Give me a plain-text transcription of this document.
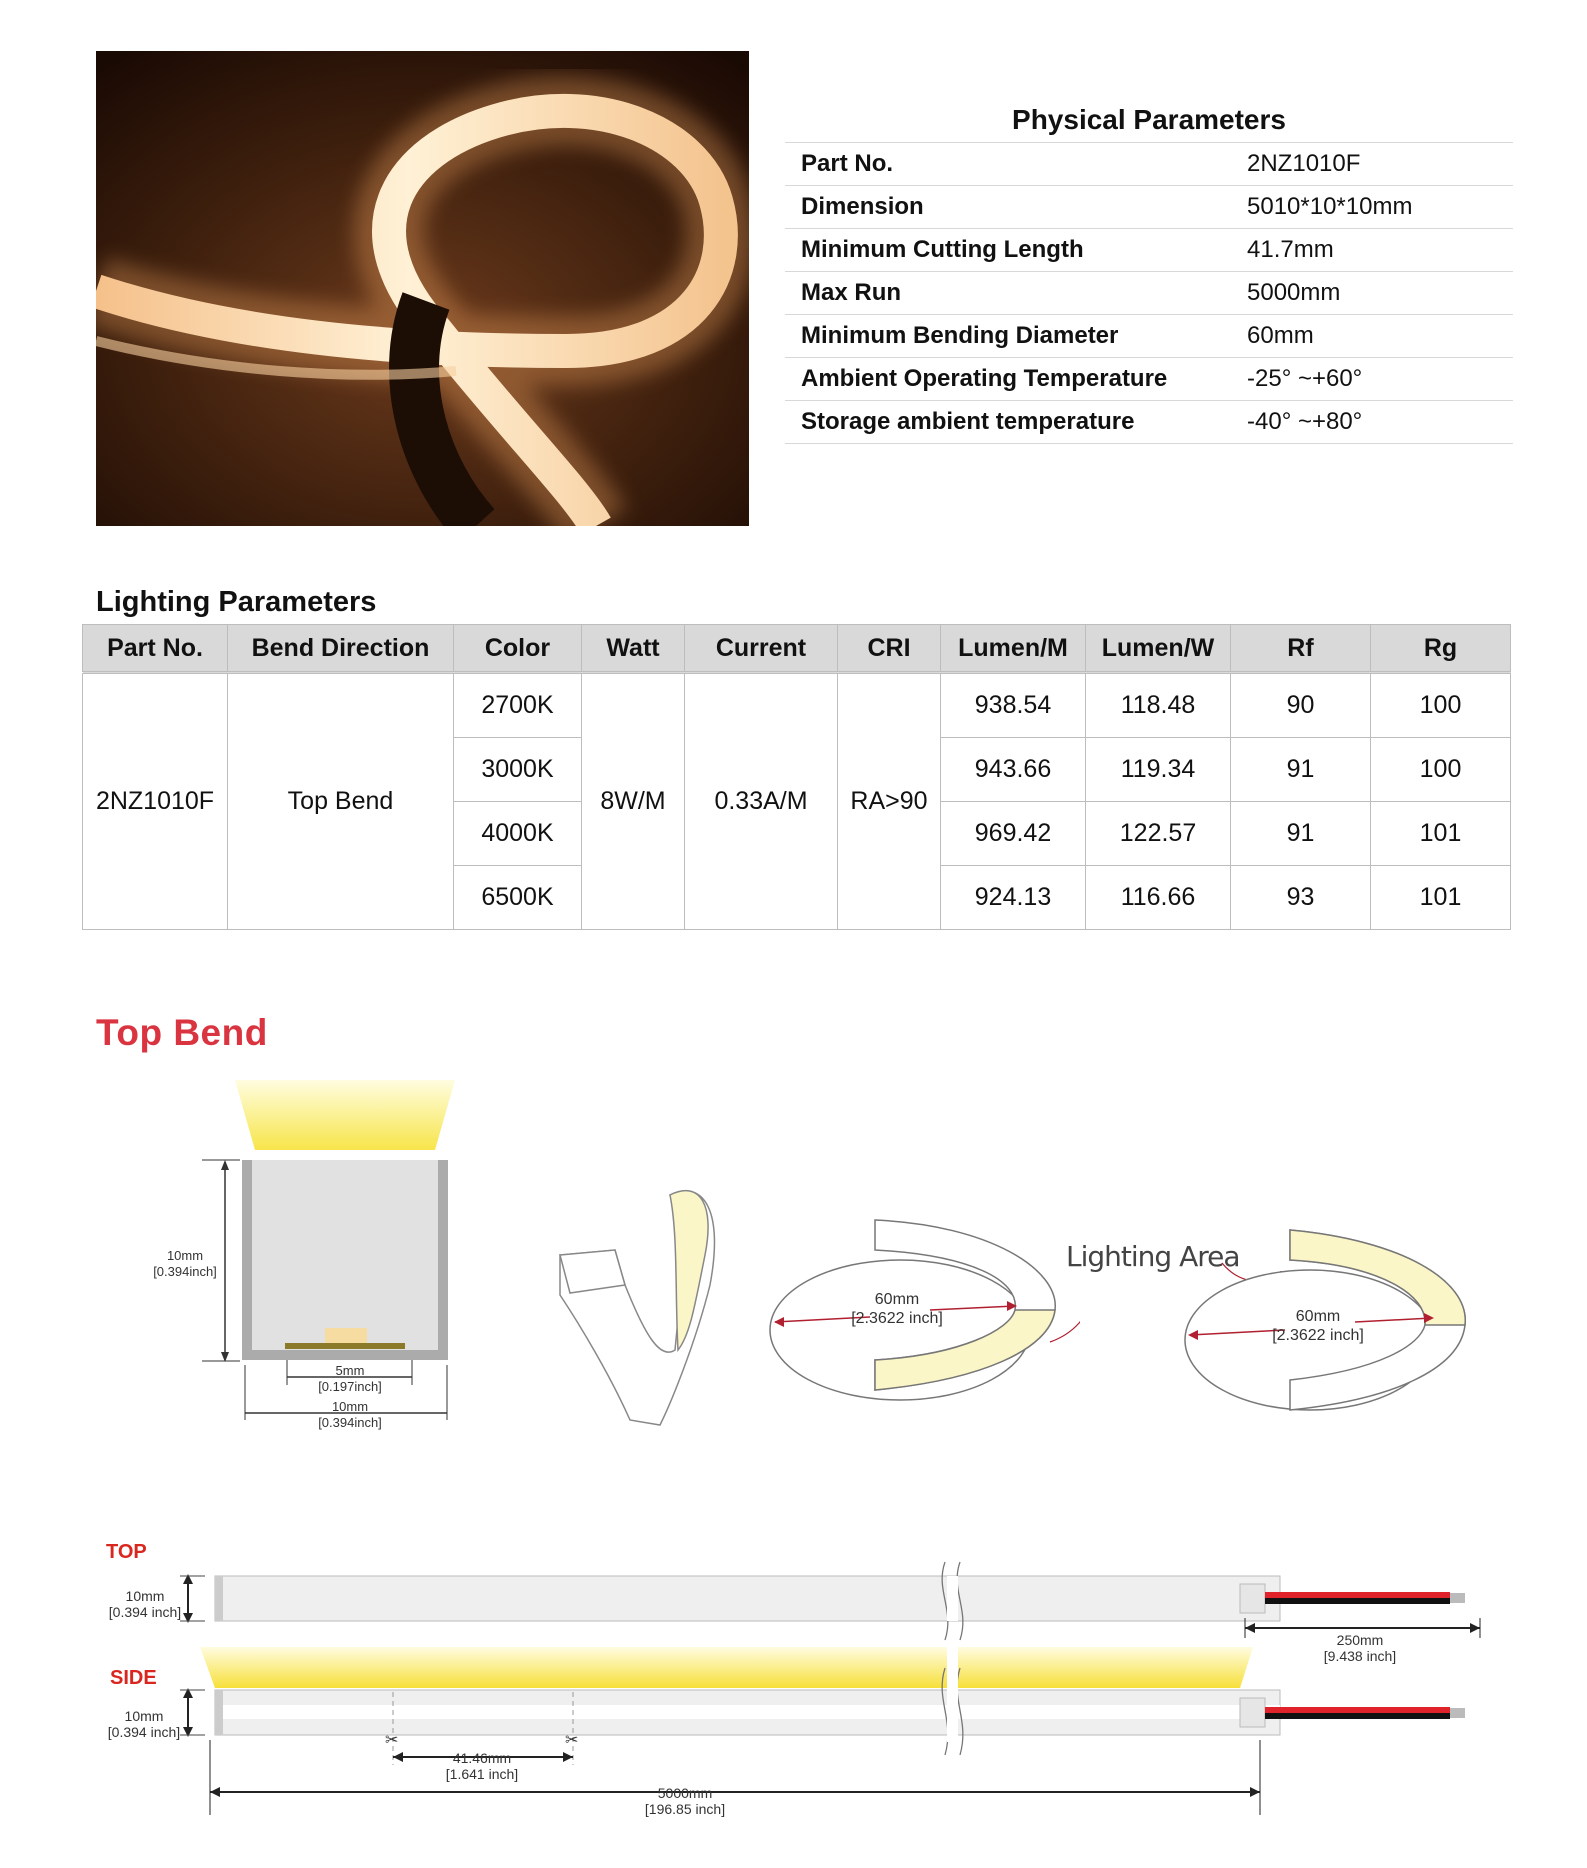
Physical Parameters
Part No.	2NZ1010F
Dimension	5010*10*10mm
Minimum Cutting Length	41.7mm
Max Run	5000mm
Minimum Bending Diameter	60mm
Ambient Operating Temperature	-25° ~+60°
Storage ambient temperature	-40° ~+80°
Lighting Parameters
Part No.	Bend Direction	Color	Watt	Current	CRI	Lumen/M	Lumen/W	Rf	Rg
2NZ1010F	Top Bend	2700K	8W/M	0.33A/M	RA>90	938.54	118.48	90	100
		3000K				943.66	119.34	91	100
		4000K				969.42	122.57	91	101
		6500K				924.13	116.66	93	101
Top Bend
10mm
[0.394inch]
5mm
[0.197inch]
10mm
[0.394inch]
60mm
[2.3622 inch]
Lighting Area
60mm
[2.3622 inch]
TOP
SIDE
✂	✂
10mm
[0.394 inch]
10mm
[0.394 inch]
250mm
[9.438 inch]
41.46mm
[1.641 inch]
5000mm
[196.85 inch]
